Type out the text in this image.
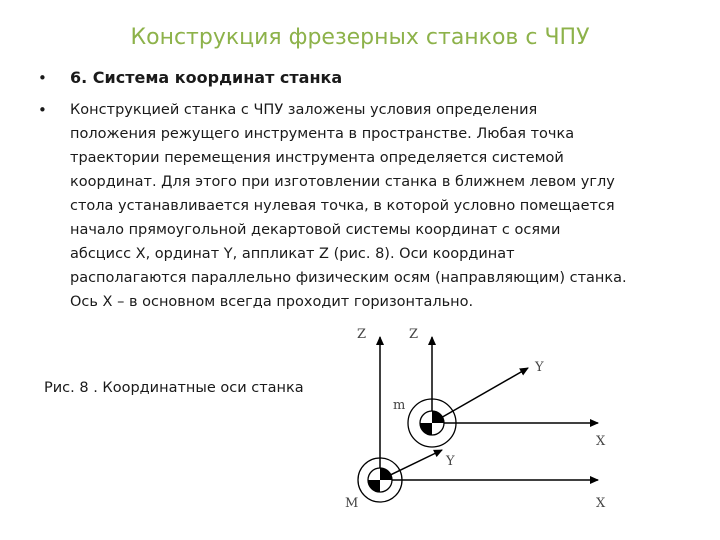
Конструкция фрезерных станков с ЧПУ
•	6. Система координат станка
•	Конструкцией станка с ЧПУ заложены условия определения
положения режущего инструмента в пространстве. Любая точка
траектории перемещения инструмента определяется системой
координат. Для этого при изготовлении станка в ближнем левом углу
стола устанавливается нулевая точка, в которой условно помещается
начало прямоугольной декартовой системы координат с осями
абсцисс X, ординат Y, аппликат Z (рис. 8). Оси координат
располагаются параллельно физическим осям (направляющим) станка.
Ось X – в основном всегда проходит горизонтально.
Рис. 8 . Координатные оси станка
Z	Z
Y
m
X
Y
M	X
